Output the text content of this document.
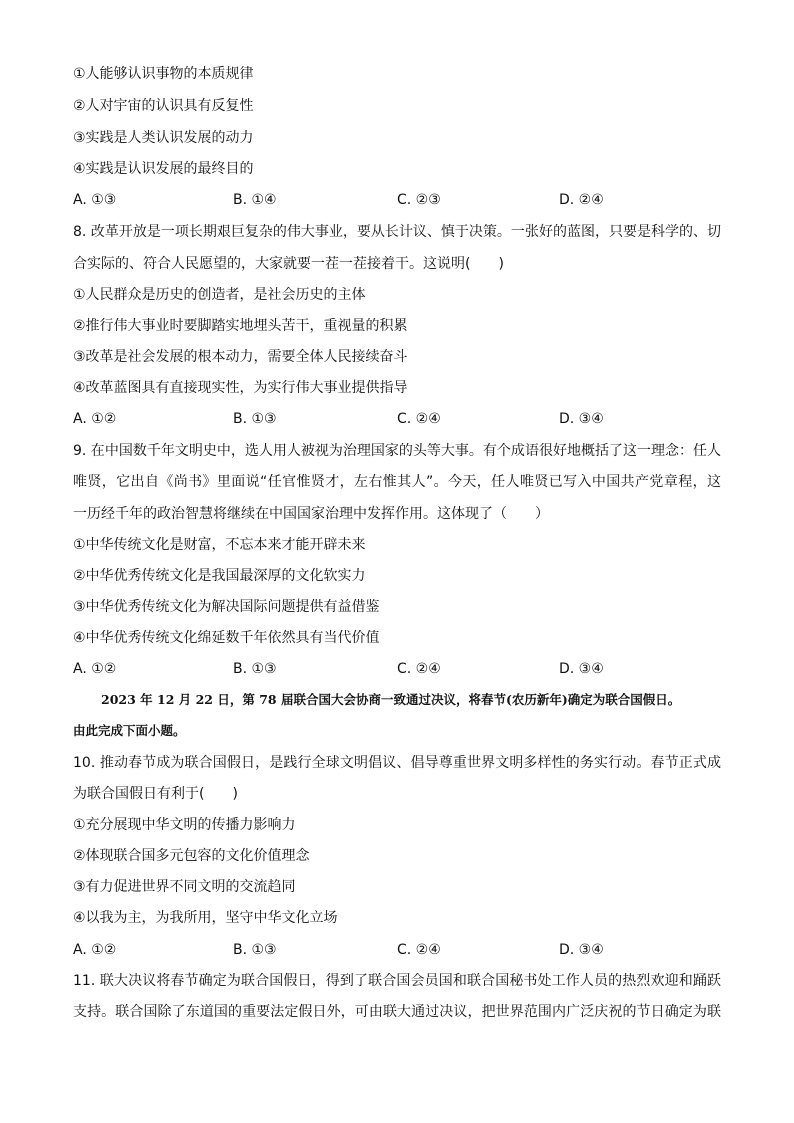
①人能够认识事物的本质规律
②人对宇宙的认识具有反复性
③实践是人类认识发展的动力
④实践是认识发展的最终目的
A. ①③	B. ①④	C. ②③	D. ②④
8. 改革开放是一项长期艰巨复杂的伟大事业，要从长计议、慎于决策。一张好的蓝图，只要是科学的、切
合实际的、符合人民愿望的，大家就要一茬一茬接着干。这说明(　　)
①人民群众是历史的创造者，是社会历史的主体
②推行伟大事业时要脚踏实地埋头苦干，重视量的积累
③改革是社会发展的根本动力，需要全体人民接续奋斗
④改革蓝图具有直接现实性，为实行伟大事业提供指导
A. ①②	B. ①③	C. ②④	D. ③④
9. 在中国数千年文明史中，选人用人被视为治理国家的头等大事。有个成语很好地概括了这一理念：任人
唯贤，它出自《尚书》里面说“任官惟贤才，左右惟其人”。今天，任人唯贤已写入中国共产党章程，这
一历经千年的政治智慧将继续在中国国家治理中发挥作用。这体现了（　　）
①中华传统文化是财富，不忘本来才能开辟未来
②中华优秀传统文化是我国最深厚的文化软实力
③中华优秀传统文化为解决国际问题提供有益借鉴
④中华优秀传统文化绵延数千年依然具有当代价值
A. ①②	B. ①③	C. ②④	D. ③④
2023 年 12 月 22 日，第 78 届联合国大会协商一致通过决议，将春节(农历新年)确定为联合国假日。
由此完成下面小题。
10. 推动春节成为联合国假日，是践行全球文明倡议、倡导尊重世界文明多样性的务实行动。春节正式成
为联合国假日有利于(　　)
①充分展现中华文明的传播力影响力
②体现联合国多元包容的文化价值理念
③有力促进世界不同文明的交流趋同
④以我为主，为我所用，坚守中华文化立场
A. ①②	B. ①③	C. ②④	D. ③④
11. 联大决议将春节确定为联合国假日，得到了联合国会员国和联合国秘书处工作人员的热烈欢迎和踊跃
支持。联合国除了东道国的重要法定假日外，可由联大通过决议，把世界范围内广泛庆祝的节日确定为联
